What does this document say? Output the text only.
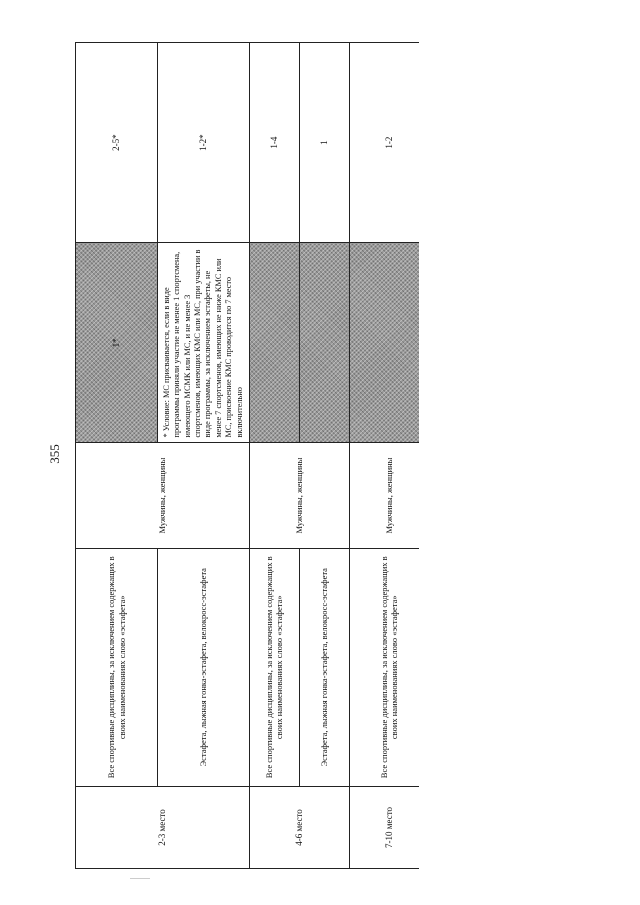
355
2-3 место	Все спортивные дисциплины, за исключением содержащих в своих наименованиях слово «эстафета»	Мужчины, женщины	1*	2-5*
	Эстафета, лыжная гонка-эстафета, велокросс-эстафета		* Условие: МС присваивается, если в виде программы приняли участие не менее 1 спортсмена, имеющего МСМК или МС, и не менее 3 спортсменов, имеющих КМС или МС, при участии в виде программы, за исключением эстафеты, не менее 7 спортсменов, имеющих не ниже КМС или МС, присвоение КМС проводится по 7 место включительно	1-2*
4-6 место	Все спортивные дисциплины, за исключением содержащих в своих наименованиях слово «эстафета»	Мужчины, женщины		1-4
	Эстафета, лыжная гонка-эстафета, велокросс-эстафета			1
7-10 место	Все спортивные дисциплины, за исключением содержащих в своих наименованиях слово «эстафета»	Мужчины, женщины		1-2
